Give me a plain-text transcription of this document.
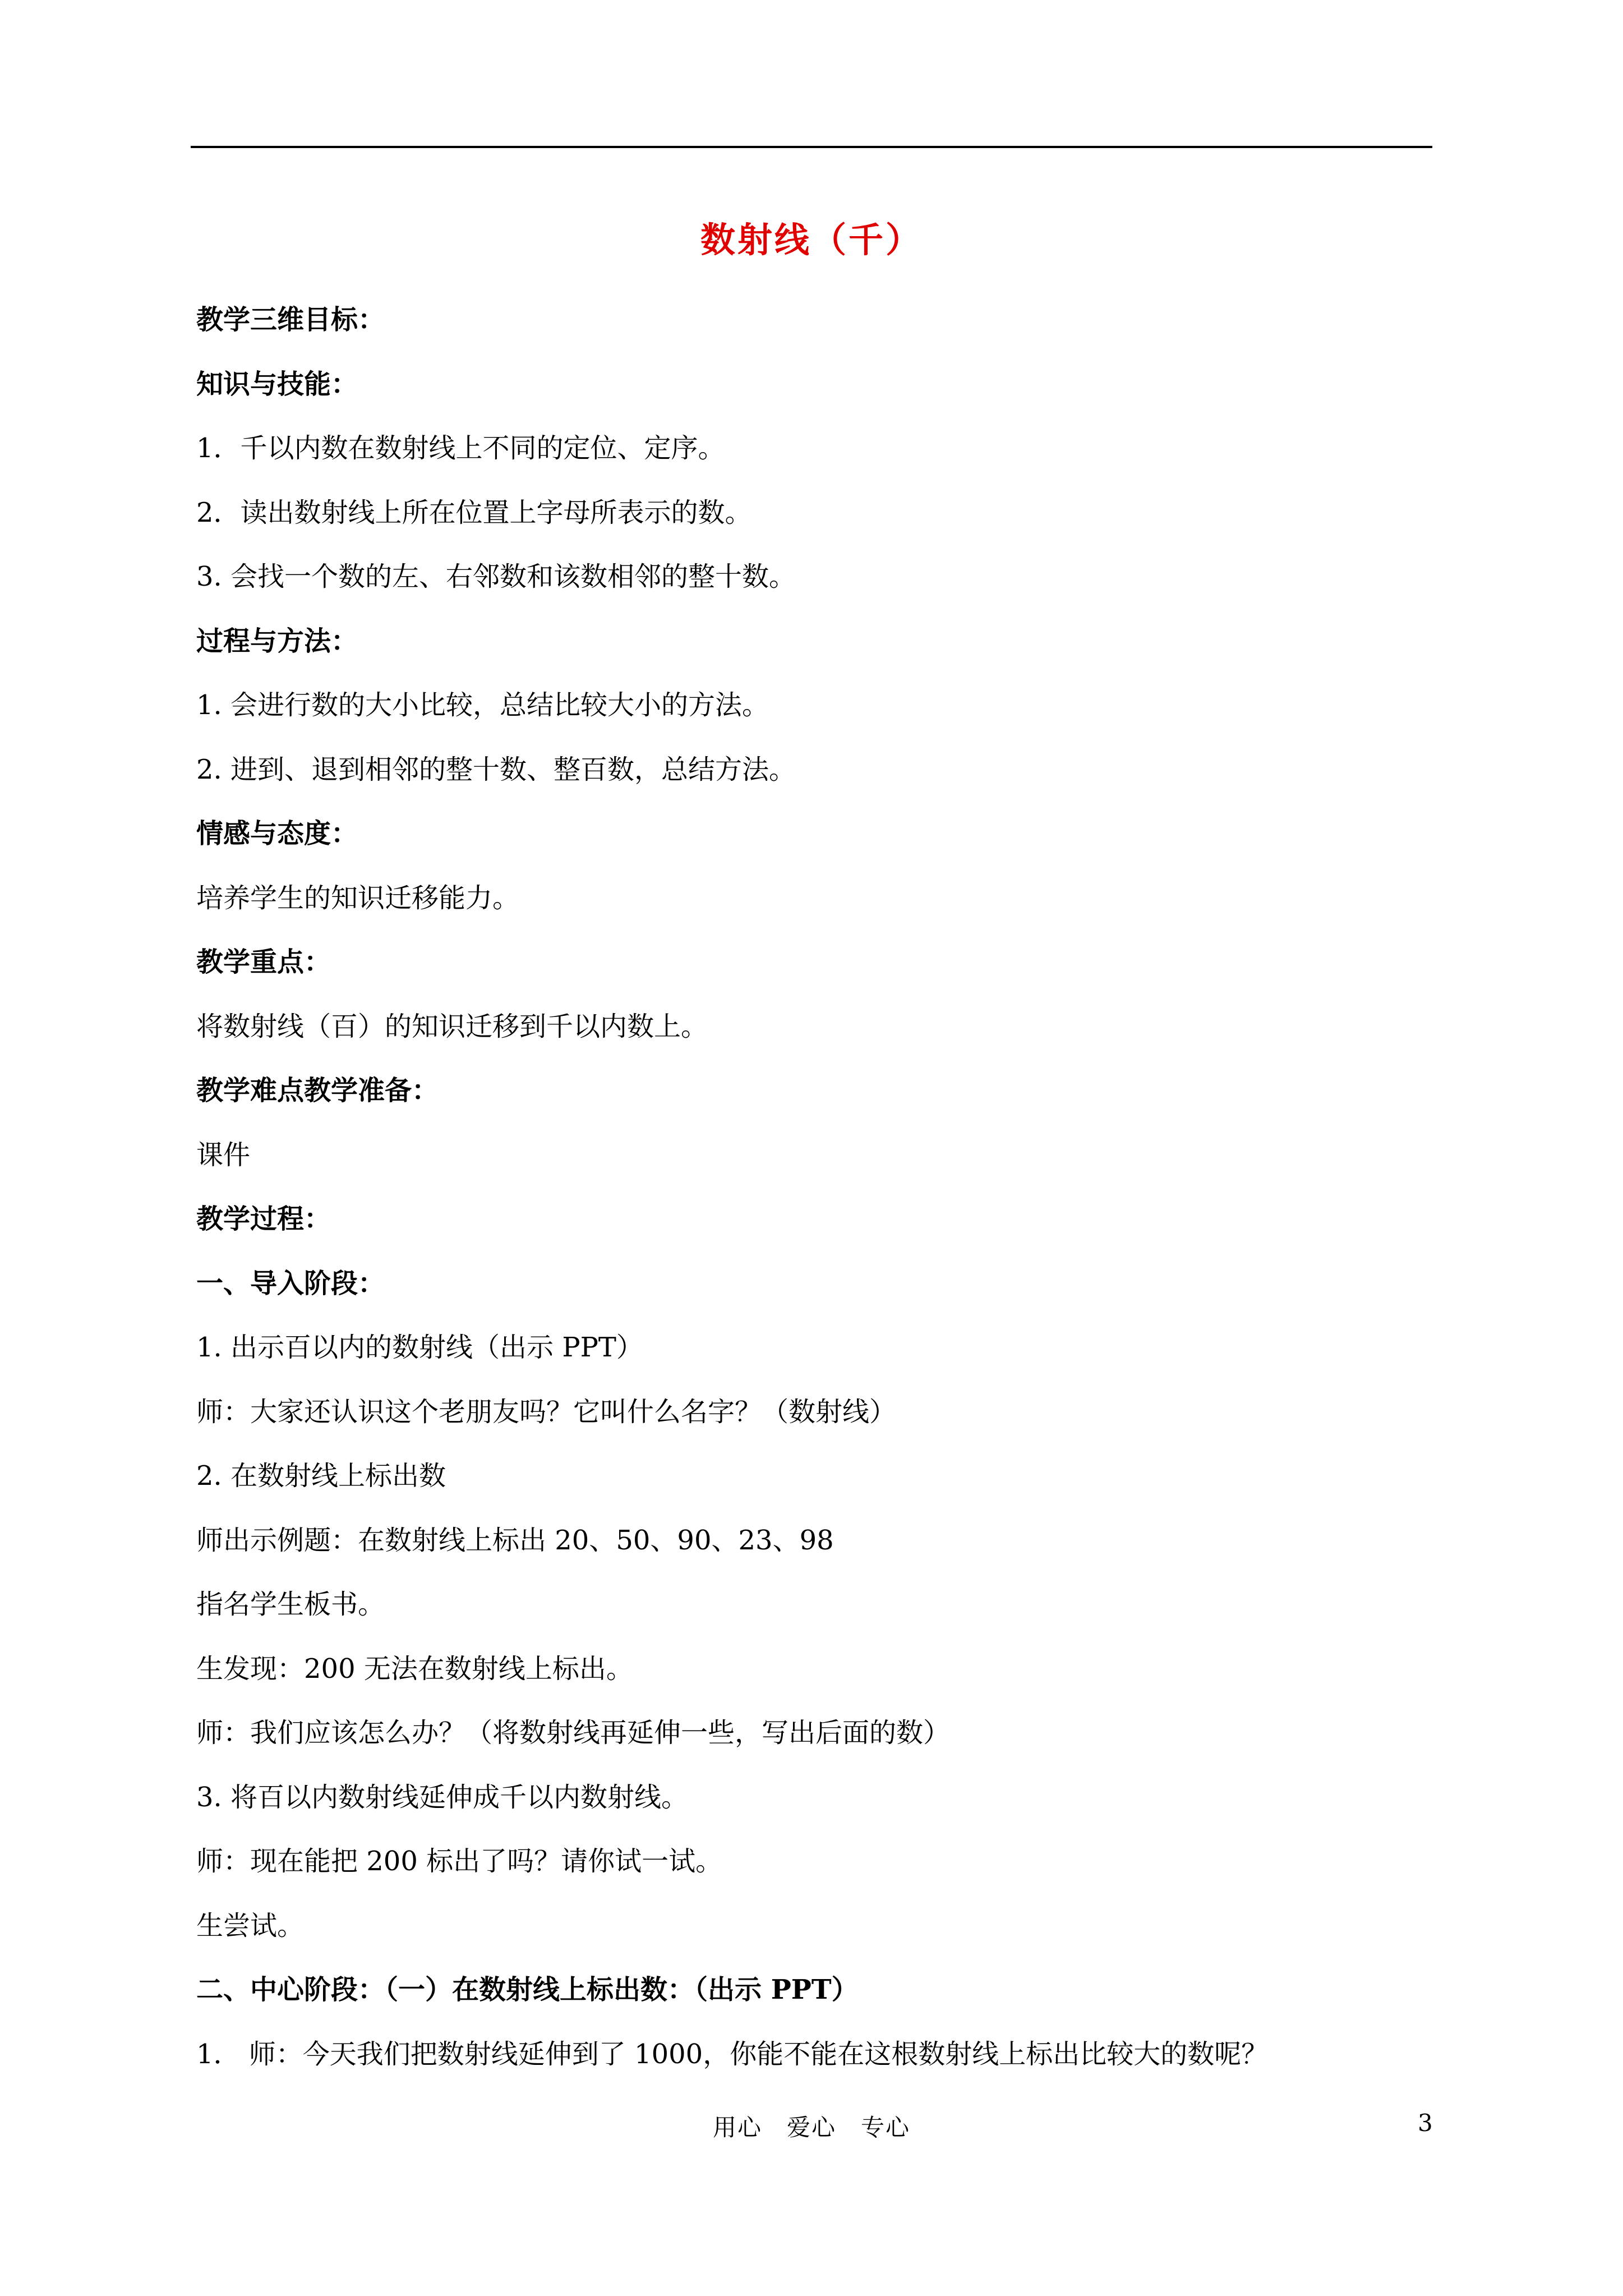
数射线（千）
教学三维目标：
知识与技能：
1．千以内数在数射线上不同的定位、定序。
2．读出数射线上所在位置上字母所表示的数。
3. 会找一个数的左、右邻数和该数相邻的整十数。
过程与方法：
1. 会进行数的大小比较，总结比较大小的方法。
2. 进到、退到相邻的整十数、整百数，总结方法。
情感与态度：
培养学生的知识迁移能力。
教学重点：
将数射线（百）的知识迁移到千以内数上。
教学难点教学准备：
课件
教学过程：
一、导入阶段：
1. 出示百以内的数射线（出示 PPT）
师：大家还认识这个老朋友吗？它叫什么名字？（数射线）
2. 在数射线上标出数
师出示例题：在数射线上标出 20、50、90、23、98
指名学生板书。
生发现：200 无法在数射线上标出。
师：我们应该怎么办？（将数射线再延伸一些，写出后面的数）
3. 将百以内数射线延伸成千以内数射线。
师：现在能把 200 标出了吗？请你试一试。
生尝试。
二、中心阶段：（一）在数射线上标出数：（出示 PPT）
1． 师：今天我们把数射线延伸到了 1000，你能不能在这根数射线上标出比较大的数呢？
用心　爱心　专心	3
